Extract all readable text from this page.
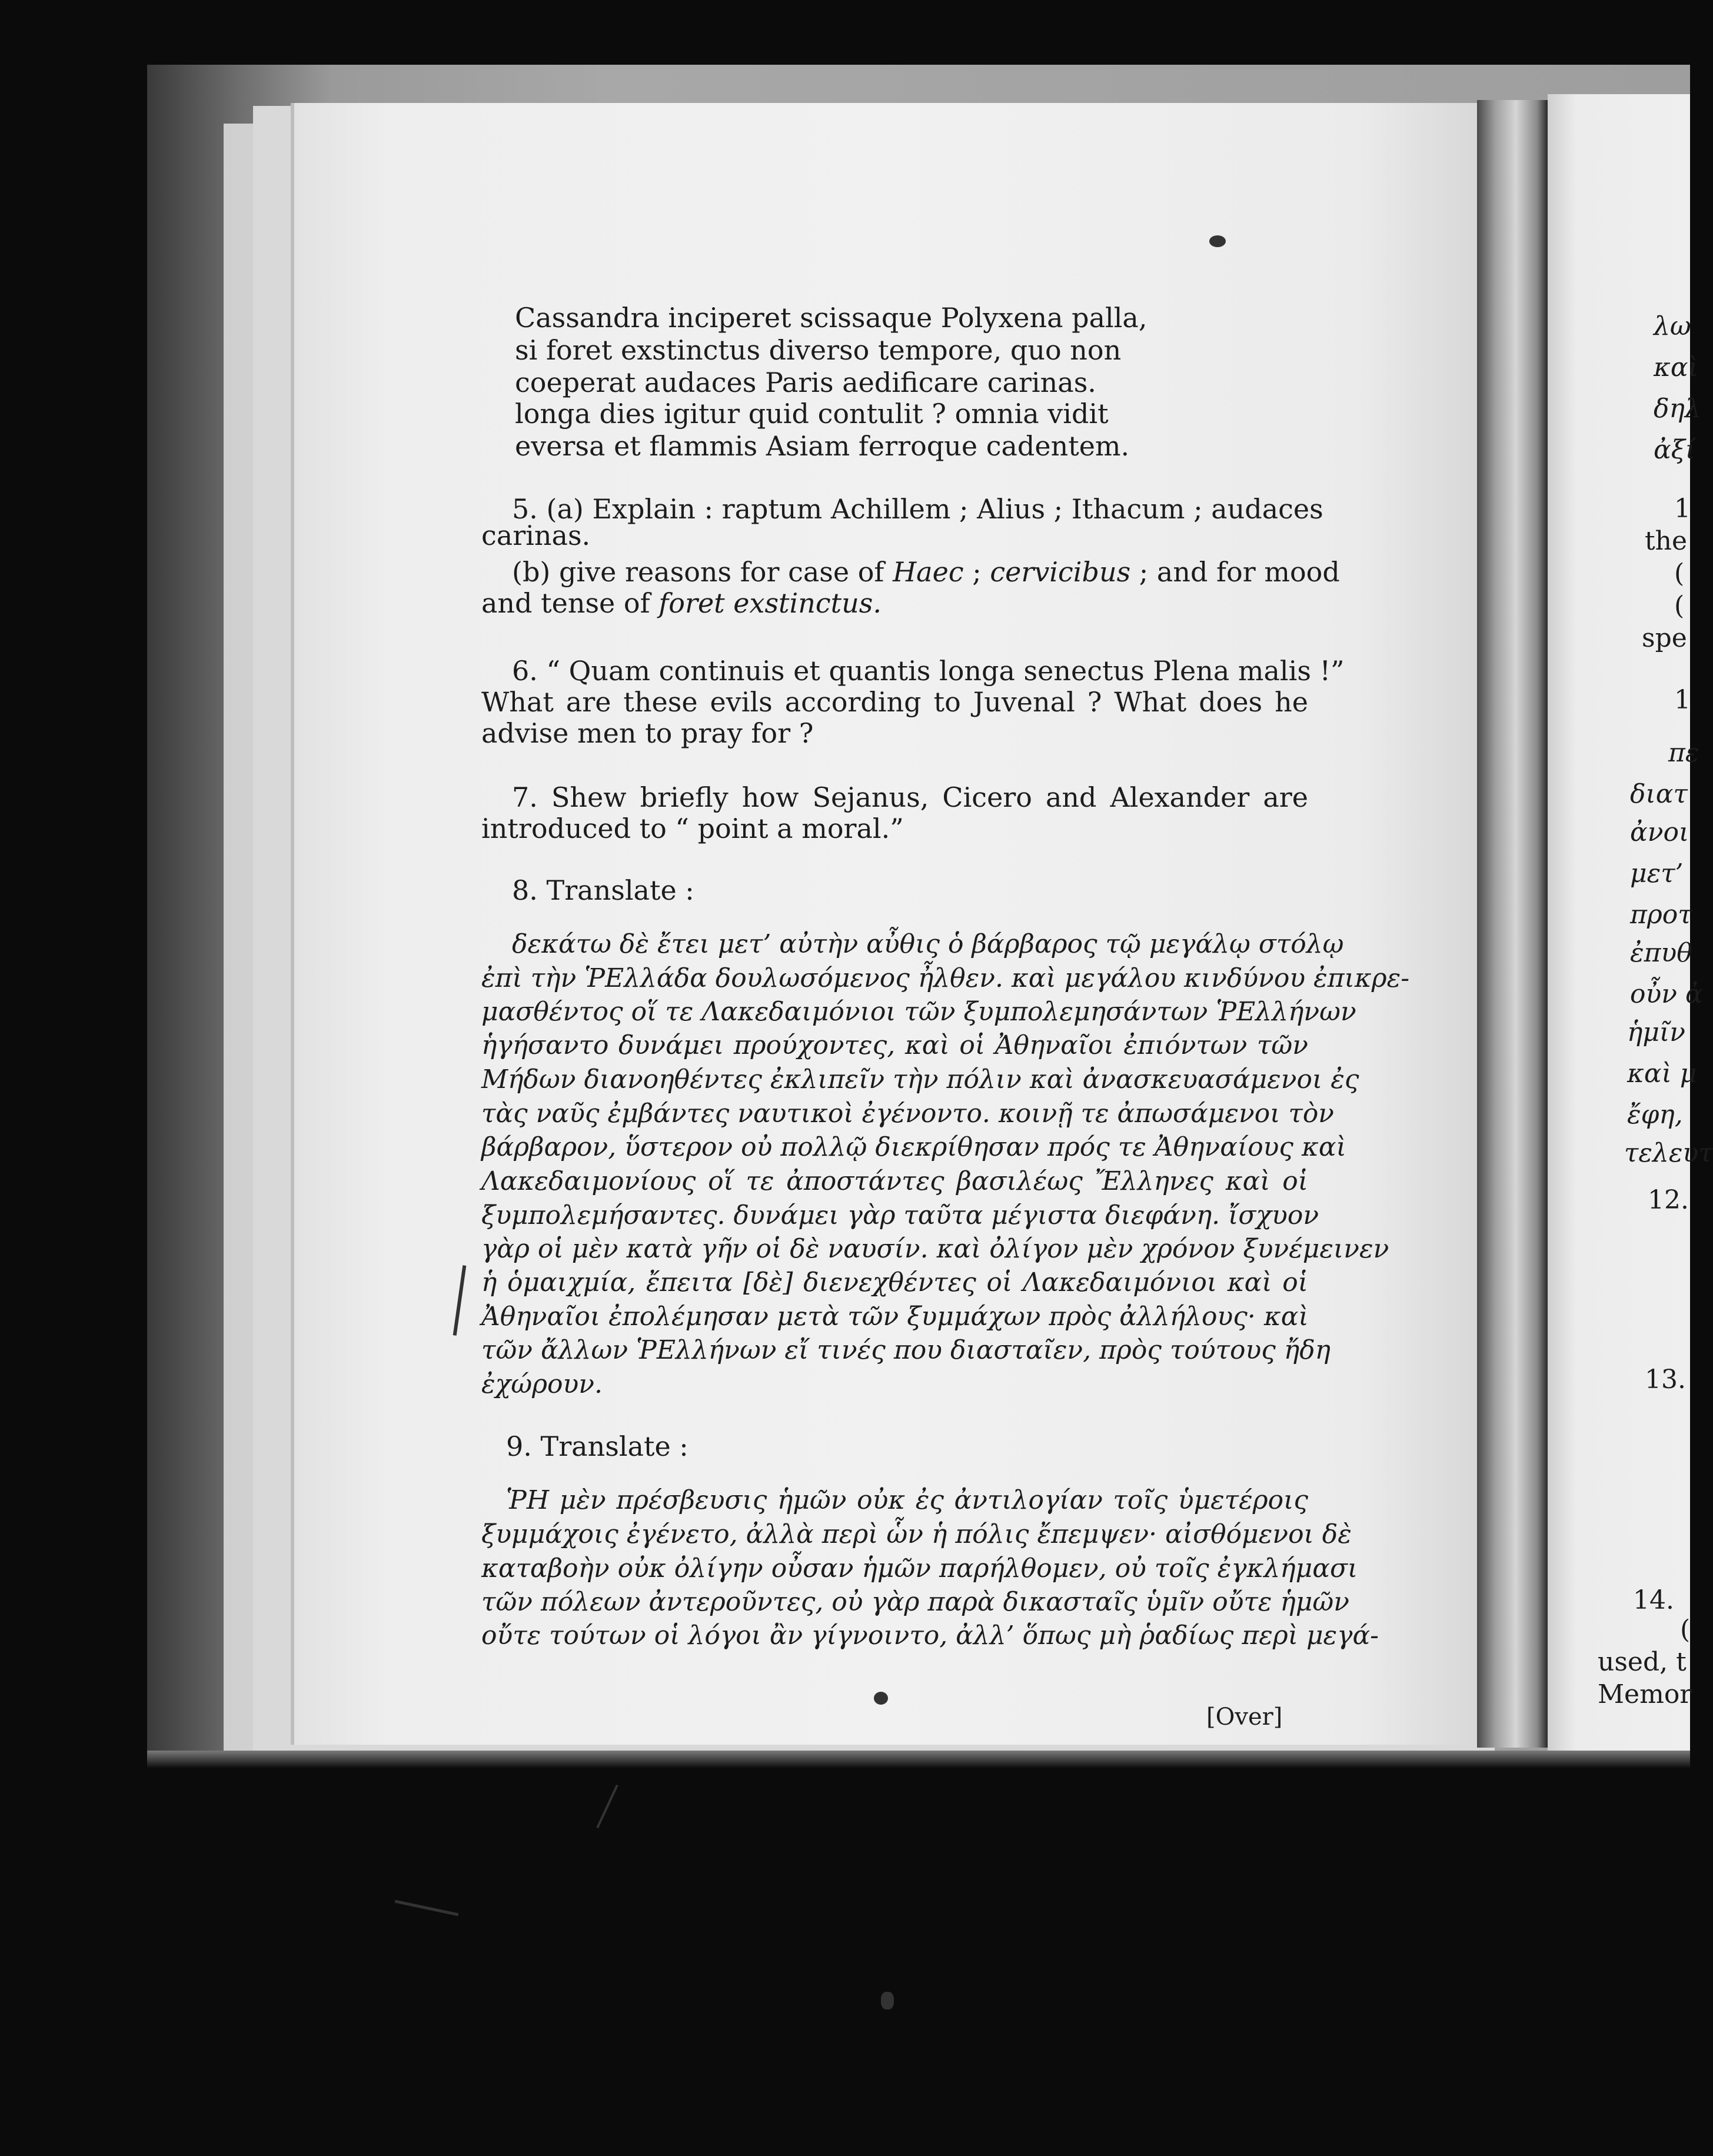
Cassandra inciperet scissaque Polyxena palla,

si foret exstinctus diverso tempore, quo non

coeperat audaces Paris aedificare carinas.

longa dies igitur quid contulit ? omnia vidit

eversa et flammis Asiam ferroque cadentem.

5. (a) Explain : raptum Achillem ; Alius ; Ithacum ; audaces

carinas.

(b) give reasons for case of Haec ; cervicibus ; and for mood

and tense of foret exstinctus.

6. “ Quam continuis et quantis longa senectus Plena malis !”

What are these evils according to Juvenal ? What does he

advise men to pray for ?

7. Shew briefly how Sejanus, Cicero and Alexander are

introduced to “ point a moral.”

8. Translate :

δεκάτω δὲ ἔτει μετ’ αὐτὴν αὖθις ὁ βάρβαρος τῷ μεγάλῳ στόλῳ

ἐπὶ τὴν ῬΕλλάδα δουλωσόμενος ἦλθεν. καὶ μεγάλου κινδύνου ἐπικρε-

μασθέντος οἵ τε Λακεδαιμόνιοι τῶν ξυμπολεμησάντων ῬΕλλήνων

ἡγήσαντο δυνάμει προύχοντες, καὶ οἱ Ἀθηναῖοι ἐπιόντων τῶν

Μήδων διανοηθέντες ἐκλιπεῖν τὴν πόλιν καὶ ἀνασκευασάμενοι ἐς

τὰς ναῦς ἐμβάντες ναυτικοὶ ἐγένοντο. κοινῇ τε ἀπωσάμενοι τὸν

βάρβαρον, ὕστερον οὐ πολλῷ διεκρίθησαν πρός τε Ἀθηναίους καὶ

Λακεδαιμονίους οἵ τε ἀποστάντες βασιλέως Ἔλληνες καὶ οἱ

ξυμπολεμήσαντες. δυνάμει γὰρ ταῦτα μέγιστα διεφάνη. ἴσχυον

γὰρ οἱ μὲν κατὰ γῆν οἱ δὲ ναυσίν. καὶ ὀλίγον μὲν χρόνον ξυνέμεινεν

ἡ ὁμαιχμία, ἔπειτα [δὲ] διενεχθέντες οἱ Λακεδαιμόνιοι καὶ οἱ

Ἀθηναῖοι ἐπολέμησαν μετὰ τῶν ξυμμάχων πρὸς ἀλλήλους· καὶ

τῶν ἄλλων ῬΕλλήνων εἴ τινές που διασταῖεν, πρὸς τούτους ἤδη

ἐχώρουν.

9. Translate :

ῬΗ μὲν πρέσβευσις ἡμῶν οὐκ ἐς ἀντιλογίαν τοῖς ὑμετέροις

ξυμμάχοις ἐγένετο, ἀλλὰ περὶ ὧν ἡ πόλις ἔπεμψεν· αἰσθόμενοι δὲ

καταβοὴν οὐκ ὀλίγην οὖσαν ἡμῶν παρήλθομεν, οὐ τοῖς ἐγκλήμασι

τῶν πόλεων ἀντεροῦντες, οὐ γὰρ παρὰ δικασταῖς ὑμῖν οὔτε ἡμῶν

οὔτε τούτων οἱ λόγοι ἂν γίγνοιντο, ἀλλ’ ὅπως μὴ ῥαδίως περὶ μεγά-

[Over]
λω
καὶ
δηλ
ἀξί
1
the
(
(
spe
1
πε
διατ
ἀνοι
μετ’
προτ
ἐπυθ
οὖν ἀ
ἡμῖν
καὶ μ
ἔφη,
τελευτ
12.
13.
14.
(
used, t
Memor
